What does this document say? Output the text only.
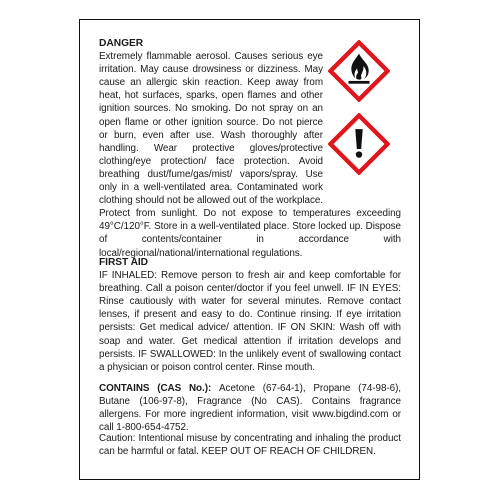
DANGER

Extremely flammable aerosol. Causes serious eye irritation. May cause drowsiness or dizziness. May cause an allergic skin reaction. Keep away from heat, hot surfaces, sparks, open flames and other ignition sources. No smoking. Do not spray on an open flame or other ignition source. Do not pierce or burn, even after use. Wash thoroughly after handling. Wear protective gloves/protective clothing/eye protection/ face protection. Avoid breathing dust/fume/gas/mist/ vapors/spray. Use only in a well-ventilated area. Contaminated work clothing should not be allowed out of the workplace. Protect from sunlight. Do not expose to temperatures exceeding 49°C/120°F. Store in a well-ventilated place. Store locked up. Dispose of contents/container in accordance with local/regional/national/international regulations.

FIRST AID
IF INHALED: Remove person to fresh air and keep comfortable for breathing. Call a poison center/doctor if you feel unwell. IF IN EYES: Rinse cautiously with water for several minutes. Remove contact lenses, if present and easy to do. Continue rinsing. If eye irritation persists: Get medical advice/ attention. IF ON SKIN: Wash off with soap and water. Get medical attention if irritation develops and persists. IF SWALLOWED: In the unlikely event of swallowing contact a physician or poison control center. Rinse mouth.
CONTAINS (CAS No.): Acetone (67-64-1), Propane (74-98-6), Butane (106-97-8), Fragrance (No CAS). Contains fragrance allergens. For more ingredient information, visit www.bigdind.com or call 1-800-654-4752.
Caution: Intentional misuse by concentrating and inhaling the product can be harmful or fatal. KEEP OUT OF REACH OF CHILDREN.
